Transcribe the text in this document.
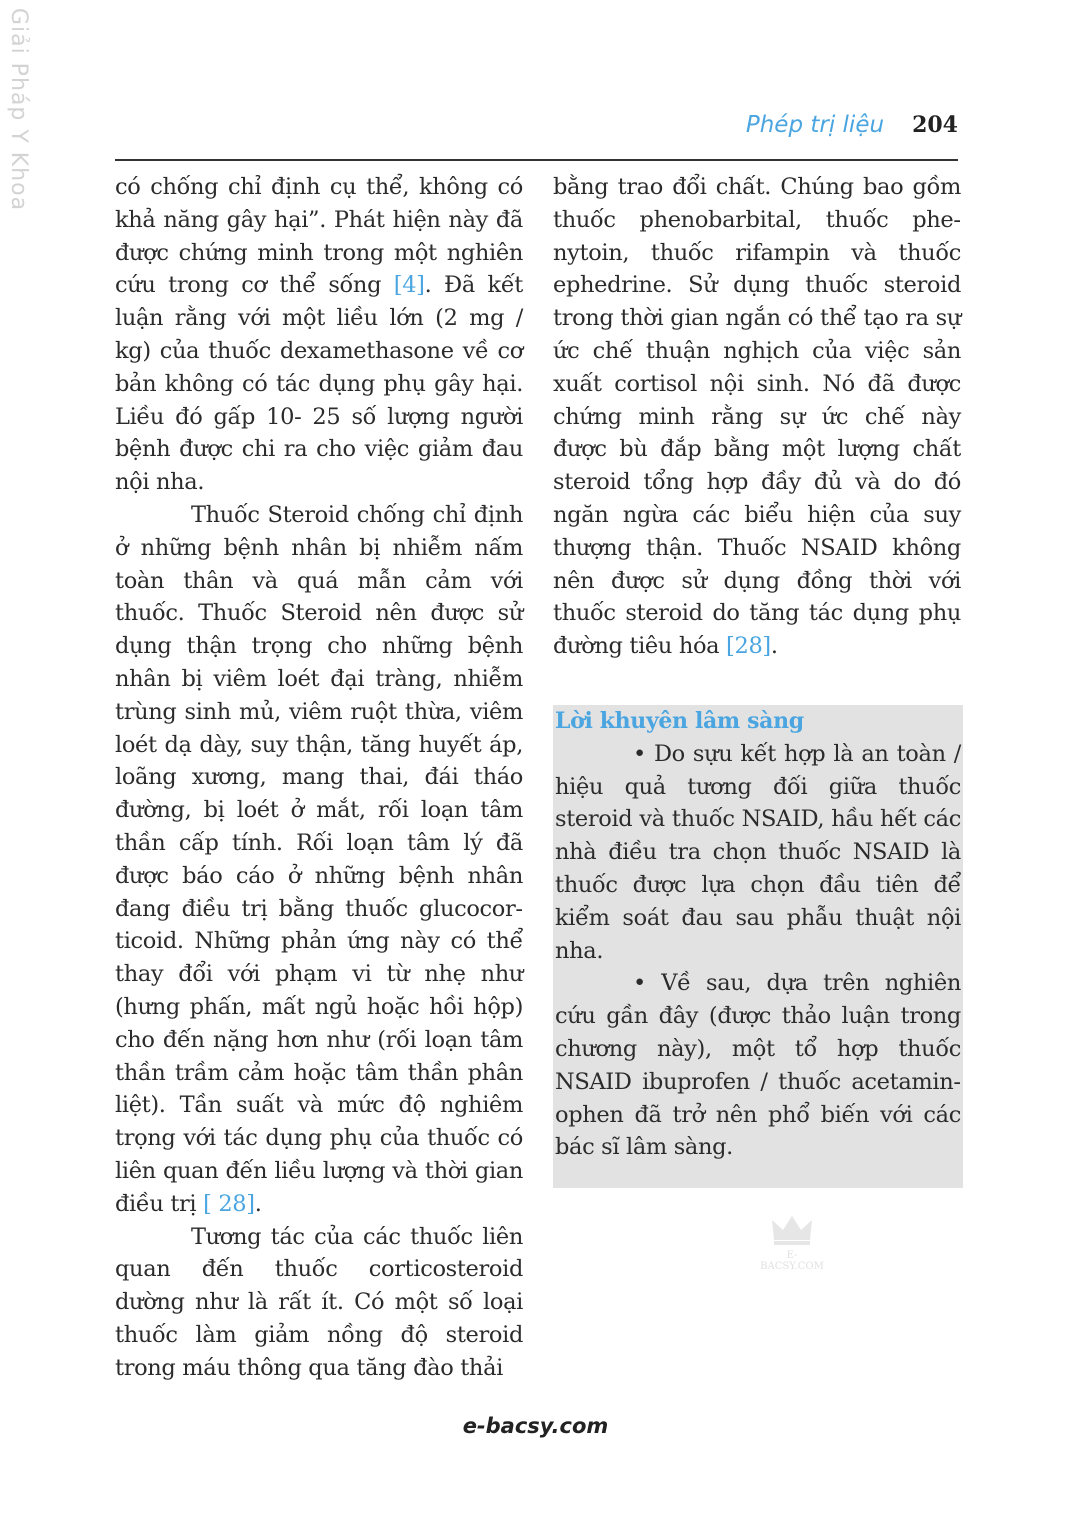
Giải Pháp Y Khoa	Phép trị liệu 204

có chống chỉ định cụ thể, không có khả năng gây hại”. Phát hiện này đã được chứng minh trong một nghiên cứu trong cơ thể sống [4]. Đã kết luận rằng với một liều lớn (2 mg / kg) của thuốc dexamethasone về cơ bản không có tác dụng phụ gây hại. Liều đó gấp 10- 25 số lượng người bệnh được chi ra cho việc giảm đau nội nha.

Thuốc Steroid chống chỉ định ở những bệnh nhân bị nhiễm nấm toàn thân và quá mẫn cảm với thuốc. Thuốc Steroid nên được sử dụng thận trọng cho những bệnh nhân bị viêm loét đại tràng, nhiễm trùng sinh mủ, viêm ruột thừa, viêm loét dạ dày, suy thận, tăng huyết áp, loãng xương, mang thai, đái tháo đường, bị loét ở mắt, rối loạn tâm thần cấp tính. Rối loạn tâm lý đã được báo cáo ở những bệnh nhân đang điều trị bằng thuốc glucocorticoid. Những phản ứng này có thể thay đổi với phạm vi từ nhẹ như (hưng phấn, mất ngủ hoặc hồi hộp) cho đến nặng hơn như (rối loạn tâm thần trầm cảm hoặc tâm thần phân liệt). Tần suất và mức độ nghiêm trọng với tác dụng phụ của thuốc có liên quan đến liều lượng và thời gian điều trị [ 28].

Tương tác của các thuốc liên quan đến thuốc corticosteroid dường như là rất ít. Có một số loại thuốc làm giảm nồng độ steroid trong máu thông qua tăng đào thải

bằng trao đổi chất. Chúng bao gồm thuốc phenobarbital, thuốc phenytoin, thuốc rifampin và thuốc ephedrine. Sử dụng thuốc steroid trong thời gian ngắn có thể tạo ra sự ức chế thuận nghịch của việc sản xuất cortisol nội sinh. Nó đã được chứng minh rằng sự ức chế này được bù đắp bằng một lượng chất steroid tổng hợp đầy đủ và do đó ngăn ngừa các biểu hiện của suy thượng thận. Thuốc NSAID không nên được sử dụng đồng thời với thuốc steroid do tăng tác dụng phụ đường tiêu hóa [28].

Lời khuyên lâm sàng

• Do sựu kết hợp là an toàn / hiệu quả tương đối giữa thuốc steroid và thuốc NSAID, hầu hết các nhà điều tra chọn thuốc NSAID là thuốc được lựa chọn đầu tiên để kiểm soát đau sau phẫu thuật nội nha.

• Về sau, dựa trên nghiên cứu gần đây (được thảo luận trong chương này), một tổ hợp thuốc NSAID ibuprofen / thuốc acetaminophen đã trở nên phổ biến với các bác sĩ lâm sàng.

E-BACSY.COM
e-bacsy.com
